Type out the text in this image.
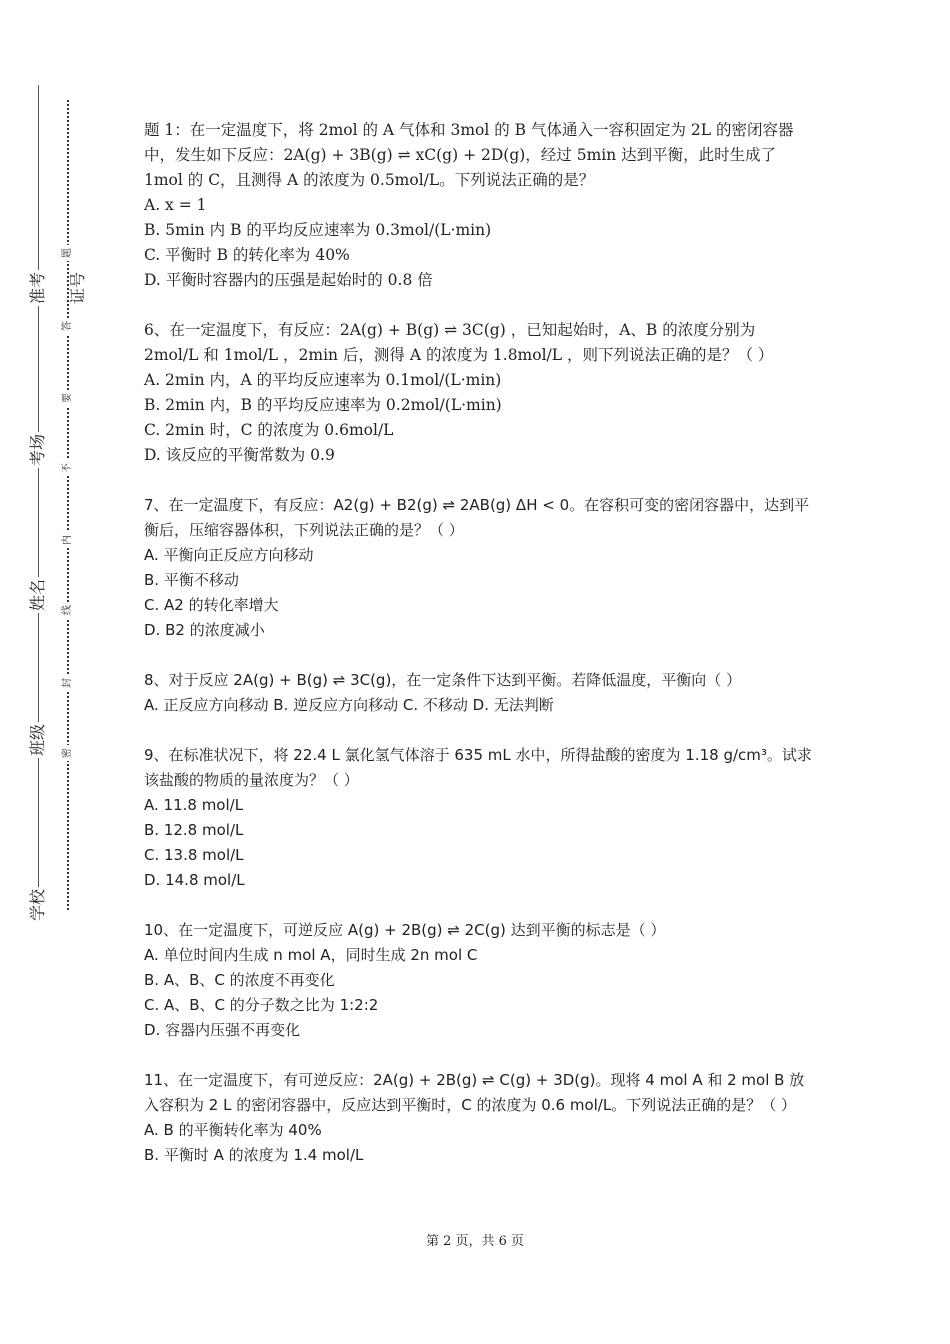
准考证号
考场
姓名
班级
学校
题
答
要
不
内
线
封
密

题 1：在一定温度下，将 2mol 的 A 气体和 3mol 的 B 气体通入一容积固定为 2L 的密闭容器中，发生如下反应：2A(g) + 3B(g) ⇌ xC(g) + 2D(g)，经过 5min 达到平衡，此时生成了 1mol 的 C，且测得 A 的浓度为 0.5mol/L。下列说法正确的是？

A. x = 1

B. 5min 内 B 的平均反应速率为 0.3mol/(L·min)

C. 平衡时 B 的转化率为 40%

D. 平衡时容器内的压强是起始时的 0.8 倍

6、在一定温度下，有反应：2A(g) + B(g) ⇌ 3C(g) ，已知起始时，A、B 的浓度分别为 2mol/L 和 1mol/L ，2min 后，测得 A 的浓度为 1.8mol/L ，则下列说法正确的是？（ ）

A. 2min 内，A 的平均反应速率为 0.1mol/(L·min)

B. 2min 内，B 的平均反应速率为 0.2mol/(L·min)

C. 2min 时，C 的浓度为 0.6mol/L

D. 该反应的平衡常数为 0.9

7、在一定温度下，有反应：A2(g) + B2(g) ⇌ 2AB(g) ΔH < 0。在容积可变的密闭容器中，达到平衡后，压缩容器体积，下列说法正确的是？（ ）

A. 平衡向正反应方向移动

B. 平衡不移动

C. A2 的转化率增大

D. B2 的浓度减小

8、对于反应 2A(g) + B(g) ⇌ 3C(g)，在一定条件下达到平衡。若降低温度，平衡向（ ）

A. 正反应方向移动 B. 逆反应方向移动 C. 不移动 D. 无法判断

9、在标准状况下，将 22.4 L 氯化氢气体溶于 635 mL 水中，所得盐酸的密度为 1.18 g/cm³。试求该盐酸的物质的量浓度为？（ ）

A. 11.8 mol/L

B. 12.8 mol/L

C. 13.8 mol/L

D. 14.8 mol/L

10、在一定温度下，可逆反应 A(g) + 2B(g) ⇌ 2C(g) 达到平衡的标志是（ ）

A. 单位时间内生成 n mol A，同时生成 2n mol C

B. A、B、C 的浓度不再变化

C. A、B、C 的分子数之比为 1:2:2

D. 容器内压强不再变化

11、在一定温度下，有可逆反应：2A(g) + 2B(g) ⇌ C(g) + 3D(g)。现将 4 mol A 和 2 mol B 放入容积为 2 L 的密闭容器中，反应达到平衡时，C 的浓度为 0.6 mol/L。下列说法正确的是？（ ）

A. B 的平衡转化率为 40%

B. 平衡时 A 的浓度为 1.4 mol/L

第 2 页，共 6 页
